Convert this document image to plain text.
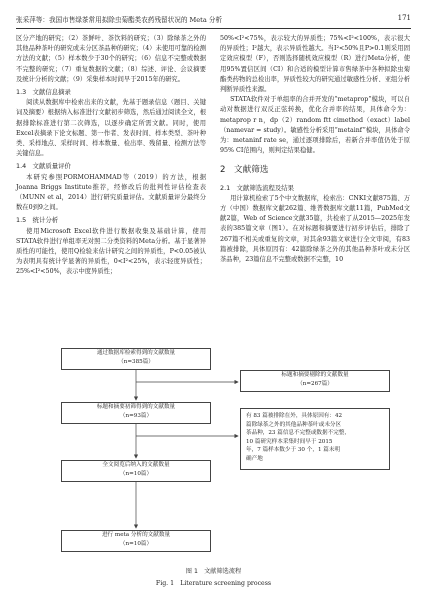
张采萍等：我国市售绿茶常用拟除虫菊酯类农药残留状况的 Meta 分析	171

区分产地的研究；（2）茶鲜叶、茶饮料的研究；（3）除绿茶之外的其他品种茶叶的研究或未分区茶品种的研究；（4）未使用可靠的检测方法的文献；（5）样本数少于30个的研究；（6）信息不完整或数据不完整的研究；（7）重复数据的文献；（8）综述、评论、会议摘要及统计分析的文献；（9）采集样本时间早于2015年的研究。

1.3　文献信息摘录

阅读从数据库中检索出来的文献，先基于题录信息（题目、关键词及摘要）根据纳入标准进行文献初步筛选，然后通过阅读全文，根据排除标准进行第二次筛选，以逐步确定所需文献。同时，使用Excel表摘录下论文标题、第一作者、发表时间、样本类型、茶叶种类、采样地点、采样时间、样本数量、检出率、残留量、检测方法等关键信息。

1.4　文献质量评价

本研究参照PORMOHAMMAD等（2019）的方法，根据Joanna Briggs Institute推荐，经修改后的批判性评估检查表（MUNN et al，2014）进行研究质量评估。文献质量评分最终分数在0到9之间。

1.5　统计分析

使用Microsoft Excel软件进行数据收集及基础计算，使用STATA软件进行单组率无对照二分类资料的Meta分析。基于显著异质性的可能性，使用Q检验来估计研究之间的异质性，P<0.05被认为表明具有统计学显著的异质性，0<I²<25%，表示轻度异质性；25%<I²<50%，表示中度异质性；

50%<I²<75%，表示较大的异质性；75%<I²<100%，表示很大的异质性；I²越大，表示异质性越大。当I²<50%且P>0.1则采用固定效应模型（F），否则选择随机效应模型（R）进行Meta分析，使用95%置信区间（CI）和合适的模型计算市售绿茶中各种拟除虫菊酯类药物的总检出率，异质性较大的研究通过敏感性分析、亚组分析判断异质性来源。

STATA软件对于单组率的合并开发的“metaprop”模块，可以自动对数据进行双反正弦转换，优化合并率的结果，具体命令为：metaprop r n，dp（2）random ftt cimethod（exact）label（namevar = study）。敏感性分析采用“metainf”模块，具体命令为：metaninf rate se，通过逐项排除后，若新合并率值仍处于原95% CI范围内，则判定结果稳健。

2　文献筛选
2.1　文献筛选流程及结果

用计算机检索了5个中文数据库，检索出：CNKI文献875篇、万方（中国）数据库文献262篇、维普数据库文献11篇，PubMed文献2篇，Web of Science文献35篇，共检索了从2015—2025年发表的385篇文章（图1）。在对标题和摘要进行初步评估后，排除了267篇不相关或重复的文章，对其余93篇文章进行全文审阅，有83篇被排除，具体原因有：42篇除绿茶之外的其他品种茶叶或未分区茶品种，23篇信息不完整或数据不完整，10

通过数据库检索得到的文献数量
（n=385篇）
标题和摘要初筛得到的文献数量
（n=93篇）
全文阅览后纳入的文献数量
（n=10篇）
进行 meta 分析的文献数量
（n=10篇）
标题和摘要剔除的文献数量
（n=267篇）
有 83 篇被排除在外，具体原因有：42
篇除绿茶之外的其他品种茶叶或未分区
茶品种，23 篇信息不完整或数据不完整，
10 篇研究样本采集时间早于 2015
年，7 篇样本数少于 30 个，1 篇未明
确产地
图 1　文献筛选流程
Fig. 1　Literature screening process
